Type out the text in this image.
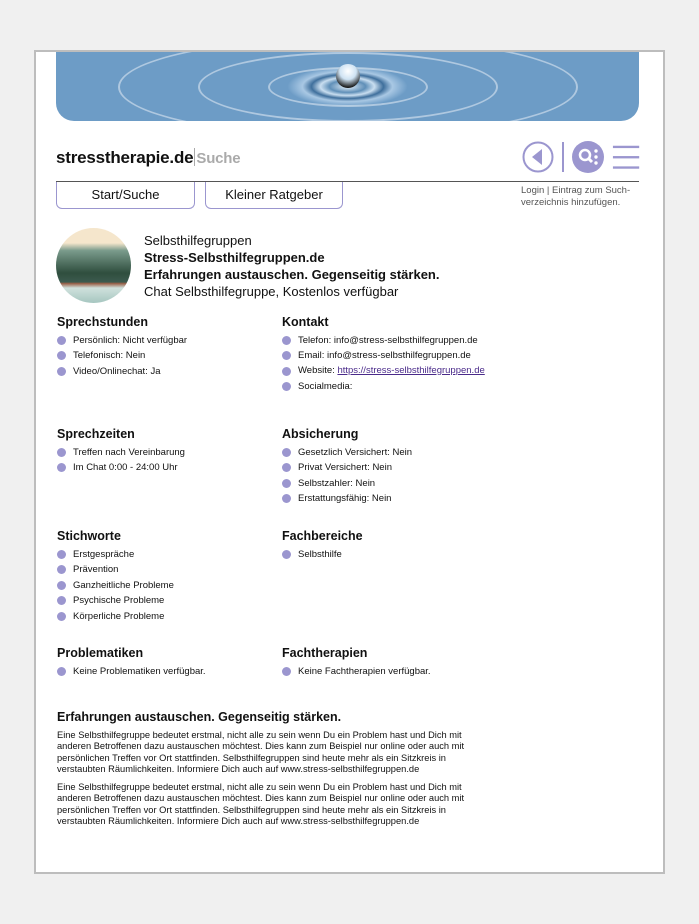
stresstherapie.de Suche
Start/Suche	Kleiner Ratgeber	Login | Eintrag zum Such-verzeichnis hinzufügen.
Selbsthilfegruppen
Stress-Selbsthilfegruppen.de
Erfahrungen austauschen. Gegenseitig stärken.
Chat Selbsthilfegruppe, Kostenlos verfügbar
Sprechstunden
Persönlich: Nicht verfügbar
Telefonisch: Nein
Video/Onlinechat: Ja
Kontakt
Telefon: info@stress-selbsthilfegruppen.de
Email: info@stress-selbsthilfegruppen.de
Website: https://stress-selbsthilfegruppen.de
Socialmedia:
Sprechzeiten
Treffen nach Vereinbarung
Im Chat 0:00 - 24:00 Uhr
Absicherung
Gesetzlich Versichert: Nein
Privat Versichert: Nein
Selbstzahler: Nein
Erstattungsfähig: Nein
Stichworte
Erstgespräche
Prävention
Ganzheitliche Probleme
Psychische Probleme
Körperliche Probleme
Fachbereiche
Selbsthilfe
Problematiken
Keine Problematiken verfügbar.
Fachtherapien
Keine Fachtherapien verfügbar.
Erfahrungen austauschen. Gegenseitig stärken.

Eine Selbsthilfegruppe bedeutet erstmal, nicht alle zu sein wenn Du ein Problem hast und Dich mit anderen Betroffenen dazu austauschen möchtest. Dies kann zum Beispiel nur online oder auch mit persönlichen Treffen vor Ort stattfinden. Selbsthilfegruppen sind heute mehr als ein Sitzkreis in verstaubten Räumlichkeiten. Informiere Dich auch auf www.stress-selbsthilfegruppen.de

Eine Selbsthilfegruppe bedeutet erstmal, nicht alle zu sein wenn Du ein Problem hast und Dich mit anderen Betroffenen dazu austauschen möchtest. Dies kann zum Beispiel nur online oder auch mit persönlichen Treffen vor Ort stattfinden. Selbsthilfegruppen sind heute mehr als ein Sitzkreis in verstaubten Räumlichkeiten. Informiere Dich auch auf www.stress-selbsthilfegruppen.de
